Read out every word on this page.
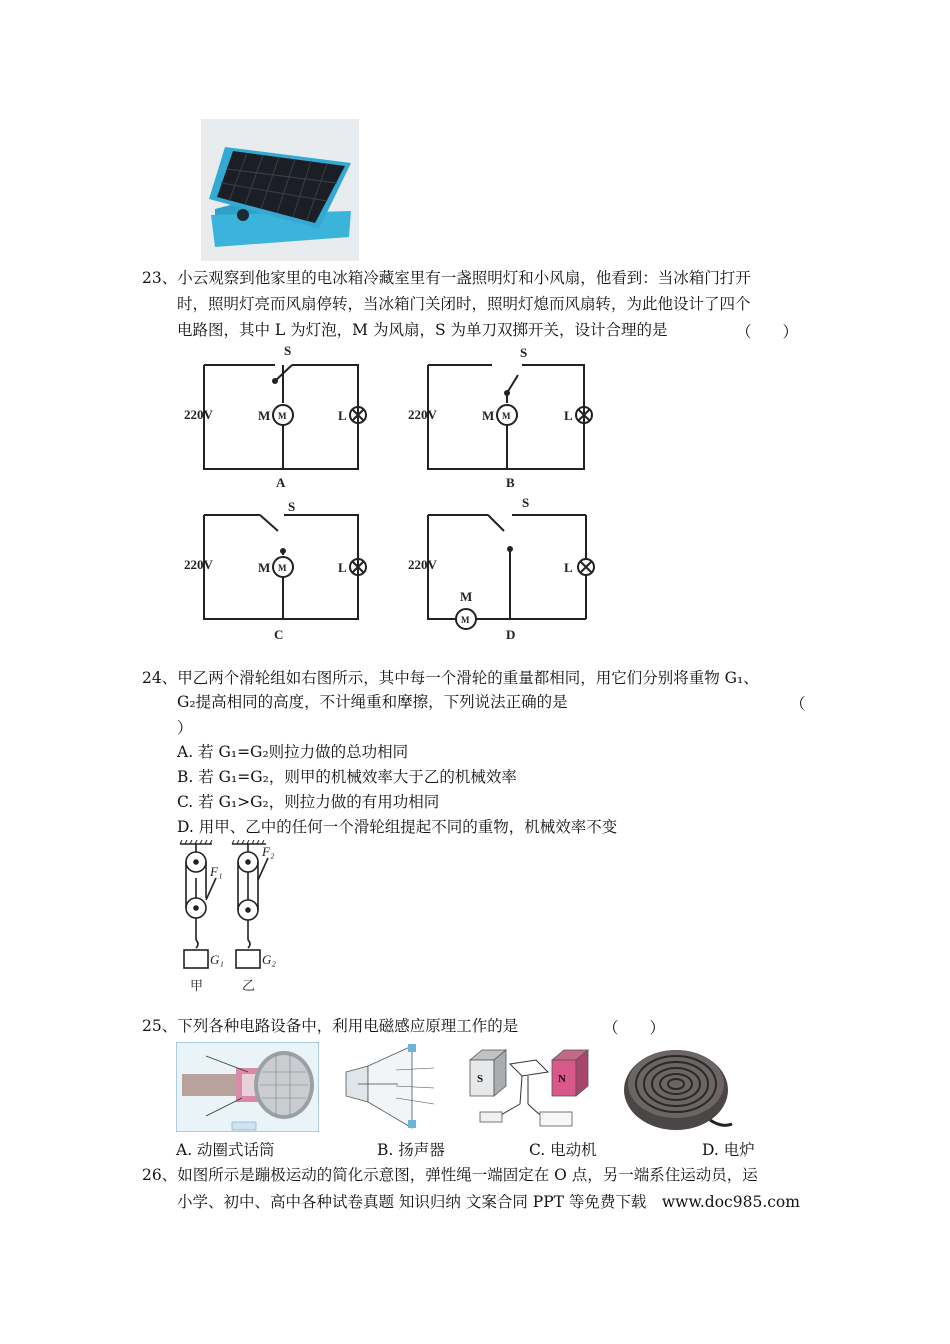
23、小云观察到他家里的电冰箱冷藏室里有一盏照明灯和小风扇，他看到：当冰箱门打开
时，照明灯亮而风扇停转，当冰箱门关闭时，照明灯熄而风扇转，为此他设计了四个
电路图，其中 L 为灯泡，M 为风扇，S 为单刀双掷开关，设计合理的是	（　　）
S
220V	M	L
A
M
S
220V	M	L
B
M
S
220V	M	L
C
M
S
220V
M
L
D
M
24、甲乙两个滑轮组如右图所示，其中每一个滑轮的重量都相同，用它们分别将重物 G₁、
G₂提高相同的高度，不计绳重和摩擦，下列说法正确的是	（
）
A. 若 G₁=G₂则拉力做的总功相同
B. 若 G₁=G₂，则甲的机械效率大于乙的机械效率
C. 若 G₁>G₂，则拉力做的有用功相同
D. 用甲、乙中的任何一个滑轮组提起不同的重物，机械效率不变
F₁
F₂
G₁	G₂
甲	乙
25、下列各种电路设备中，利用电磁感应原理工作的是	（　　）
S	N
A. 动圈式话筒	B. 扬声器	C. 电动机	D. 电炉
26、如图所示是蹦极运动的简化示意图，弹性绳一端固定在 O 点，另一端系住运动员，运
小学、初中、高中各种试卷真题 知识归纳 文案合同 PPT 等免费下载　www.doc985.com
